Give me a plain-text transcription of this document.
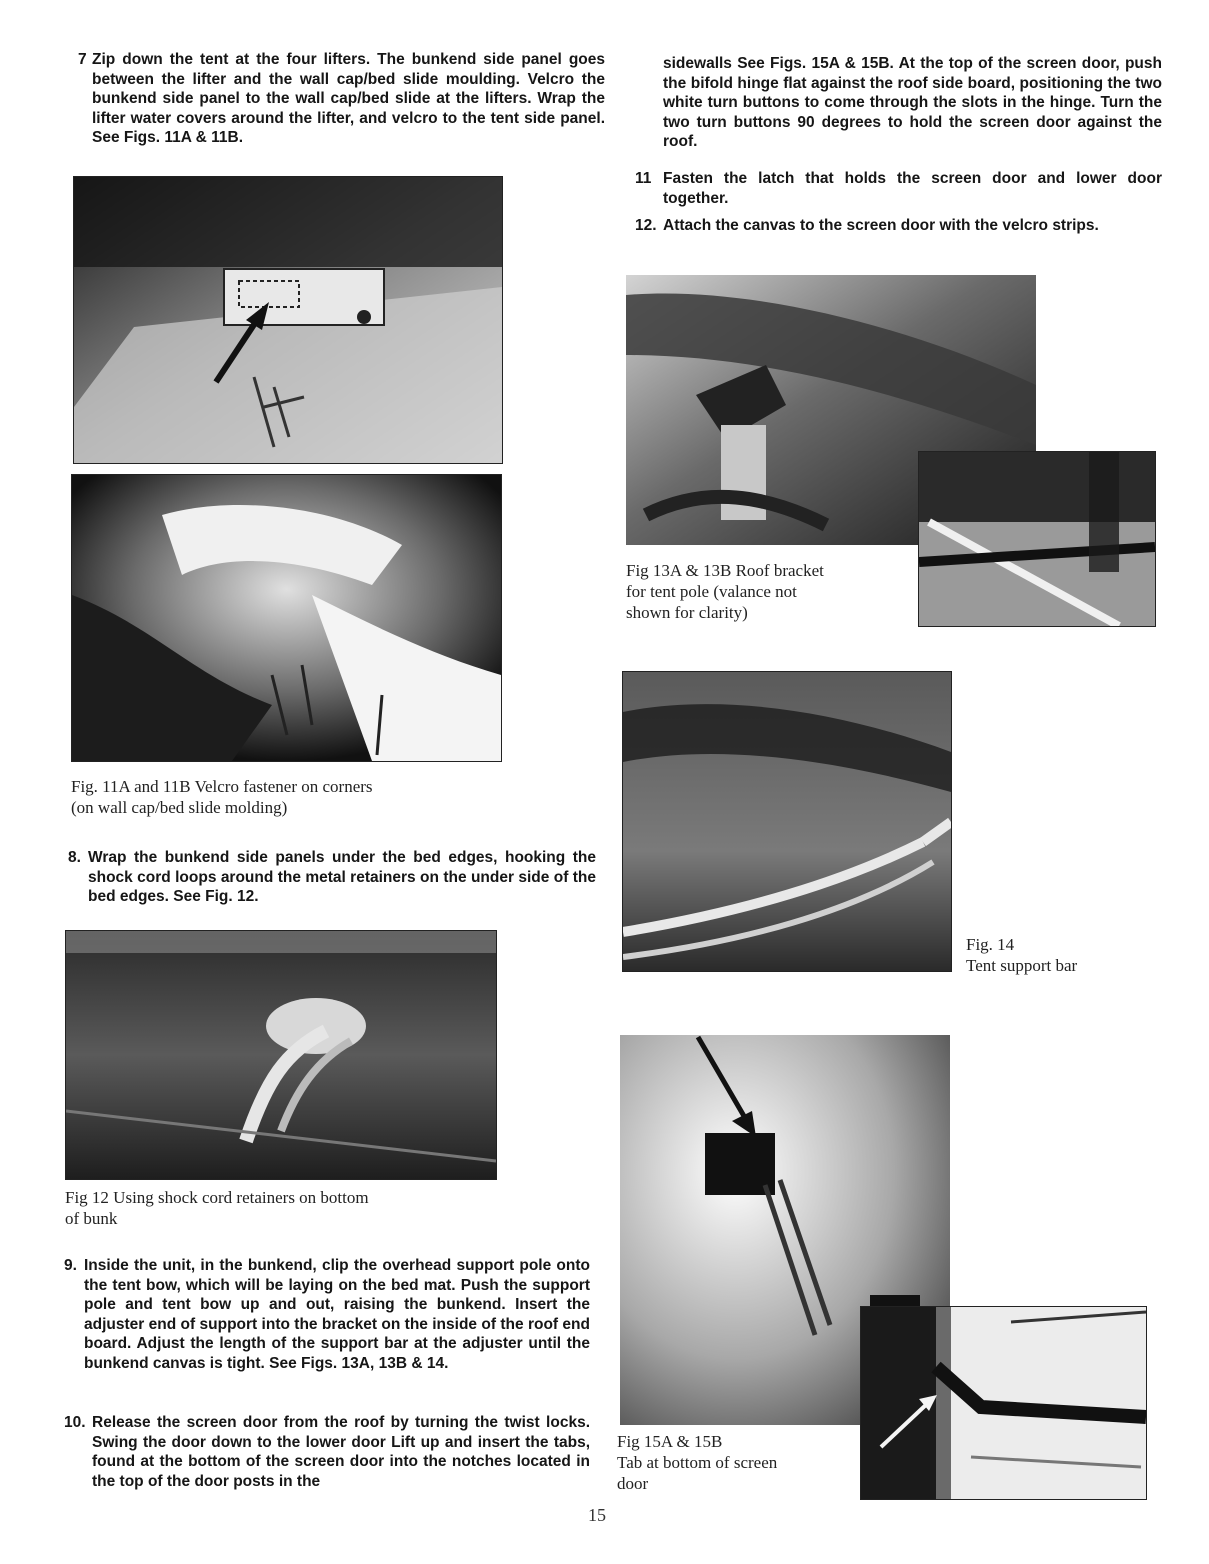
7 Zip down the tent at the four lifters. The bunkend side panel goes between the lifter and the wall cap/bed slide moulding. Velcro the bunkend side panel to the wall cap/bed slide at the lifters. Wrap the lifter water covers around the lifter, and velcro to the tent side panel. See Figs. 11A & 11B.
Fig. 11A and 11B Velcro fastener on corners
(on wall cap/bed slide molding)
8. Wrap the bunkend side panels under the bed edges, hooking the shock cord loops around the metal retainers on the under side of the bed edges. See Fig. 12.
Fig 12 Using shock cord retainers on bottom
of bunk
9. Inside the unit, in the bunkend, clip the overhead support pole onto the tent bow, which will be laying on the bed mat. Push the support pole and tent bow up and out, raising the bunkend. Insert the adjuster end of support into the bracket on the inside of the roof end board. Adjust the length of the support bar at the adjuster until the bunkend canvas is tight. See Figs. 13A, 13B & 14.
10. Release the screen door from the roof by turning the twist locks. Swing the door down to the lower door Lift up and insert the tabs, found at the bottom of the screen door into the notches located in the top of the door posts in the
sidewalls See Figs. 15A & 15B. At the top of the screen door, push the bifold hinge flat against the roof side board, positioning the two white turn buttons to come through the slots in the hinge. Turn the two turn buttons 90 degrees to hold the screen door against the roof.
11 Fasten the latch that holds the screen door and lower door together.
12. Attach the canvas to the screen door with the velcro strips.
Fig 13A & 13B Roof bracket
for tent pole (valance not
shown for clarity)
Fig. 14
Tent support bar
Fig 15A & 15B
Tab at bottom of screen
door
15
